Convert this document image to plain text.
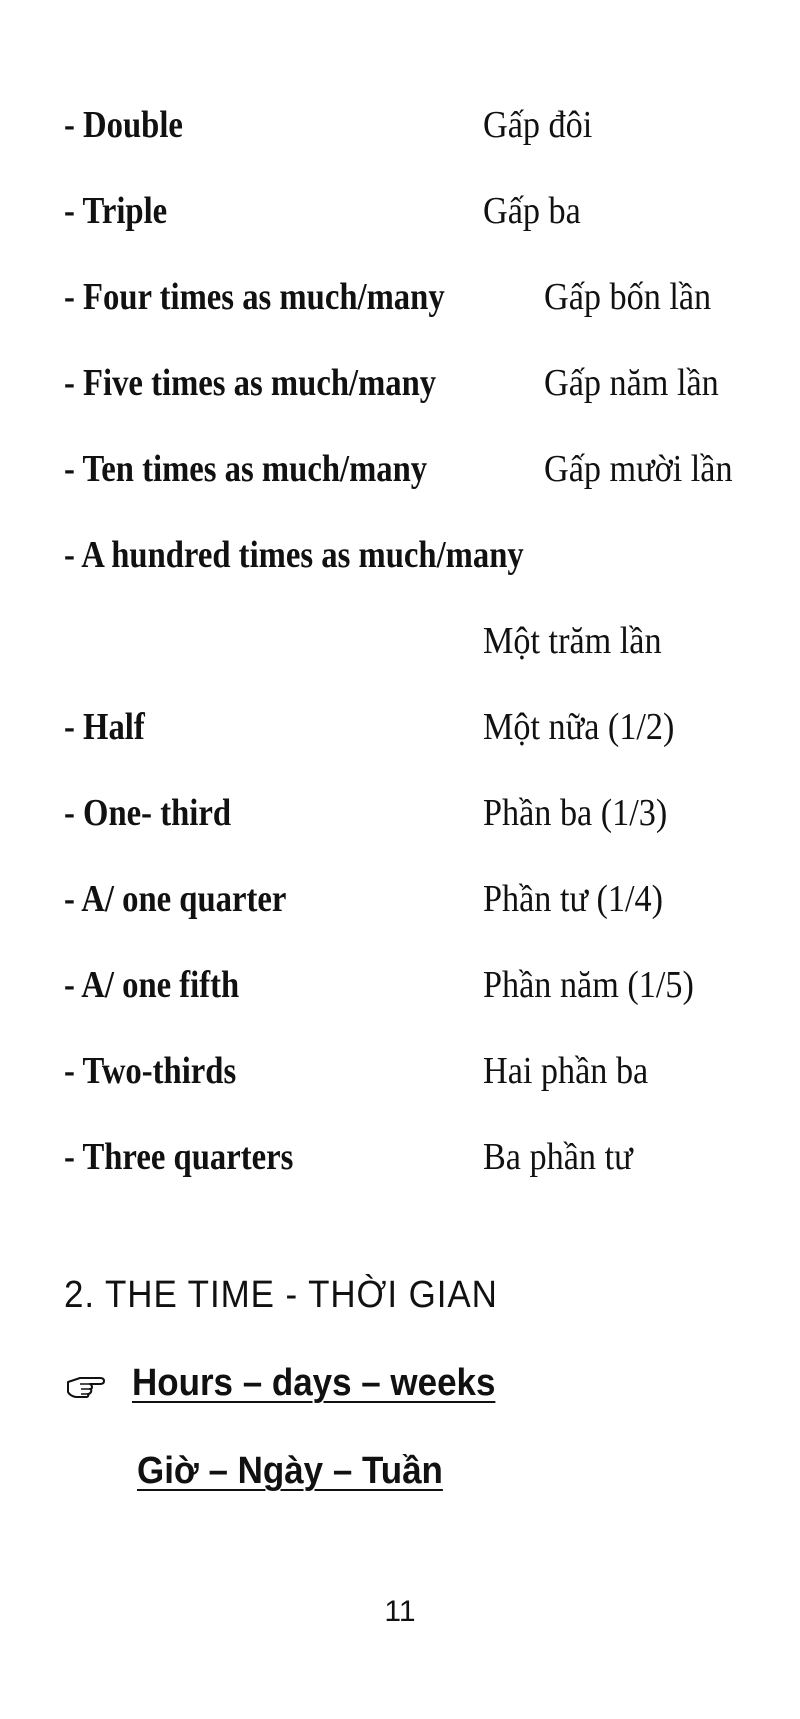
- Double	Gấp đôi
- Triple	Gấp ba
- Four times as much/many	Gấp bốn lần
- Five times as much/many	Gấp năm lần
- Ten times as much/many	Gấp mười lần
- A hundred times as much/many
Một trăm lần
- Half	Một nữa (1/2)
- One- third	Phần ba (1/3)
- A/ one quarter	Phần tư (1/4)
- A/ one fifth	Phần năm (1/5)
- Two-thirds	Hai phần ba
- Three quarters	Ba phần tư
2. THE TIME - THỜI GIAN
Hours – days – weeks
Giờ – Ngày – Tuần
11
